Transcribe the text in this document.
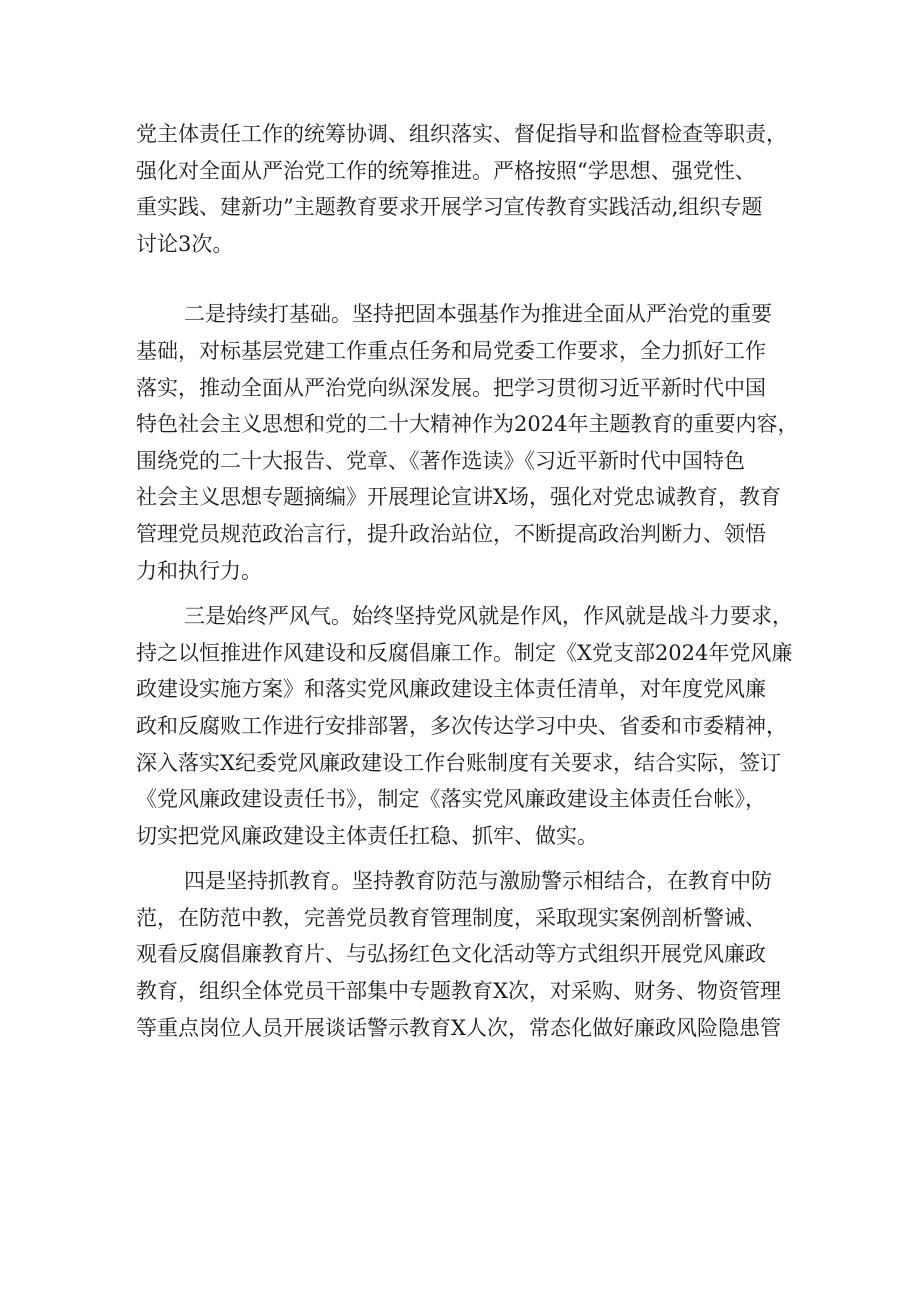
党主体责任工作的统筹协调、组织落实、督促指导和监督检查等职责，
强化对全面从严治党工作的统筹推进。严格按照“学思想、强党性、
重实践、建新功”主题教育要求开展学习宣传教育实践活动,组织专题
讨论3次。

二是持续打基础。坚持把固本强基作为推进全面从严治党的重要
基础，对标基层党建工作重点任务和局党委工作要求，全力抓好工作
落实，推动全面从严治党向纵深发展。把学习贯彻习近平新时代中国
特色社会主义思想和党的二十大精神作为2024年主题教育的重要内容，
围绕党的二十大报告、党章、《著作选读》《习近平新时代中国特色
社会主义思想专题摘编》开展理论宣讲X场，强化对党忠诚教育，教育
管理党员规范政治言行，提升政治站位，不断提高政治判断力、领悟
力和执行力。

三是始终严风气。始终坚持党风就是作风，作风就是战斗力要求，
持之以恒推进作风建设和反腐倡廉工作。制定《X党支部2024年党风廉
政建设实施方案》和落实党风廉政建设主体责任清单，对年度党风廉
政和反腐败工作进行安排部署，多次传达学习中央、省委和市委精神，
深入落实X纪委党风廉政建设工作台账制度有关要求，结合实际，签订
《党风廉政建设责任书》，制定《落实党风廉政建设主体责任台帐》，
切实把党风廉政建设主体责任扛稳、抓牢、做实。

四是坚持抓教育。坚持教育防范与激励警示相结合，在教育中防
范，在防范中教，完善党员教育管理制度，采取现实案例剖析警诫、
观看反腐倡廉教育片、与弘扬红色文化活动等方式组织开展党风廉政
教育，组织全体党员干部集中专题教育X次，对采购、财务、物资管理
等重点岗位人员开展谈话警示教育X人次，常态化做好廉政风险隐患管
